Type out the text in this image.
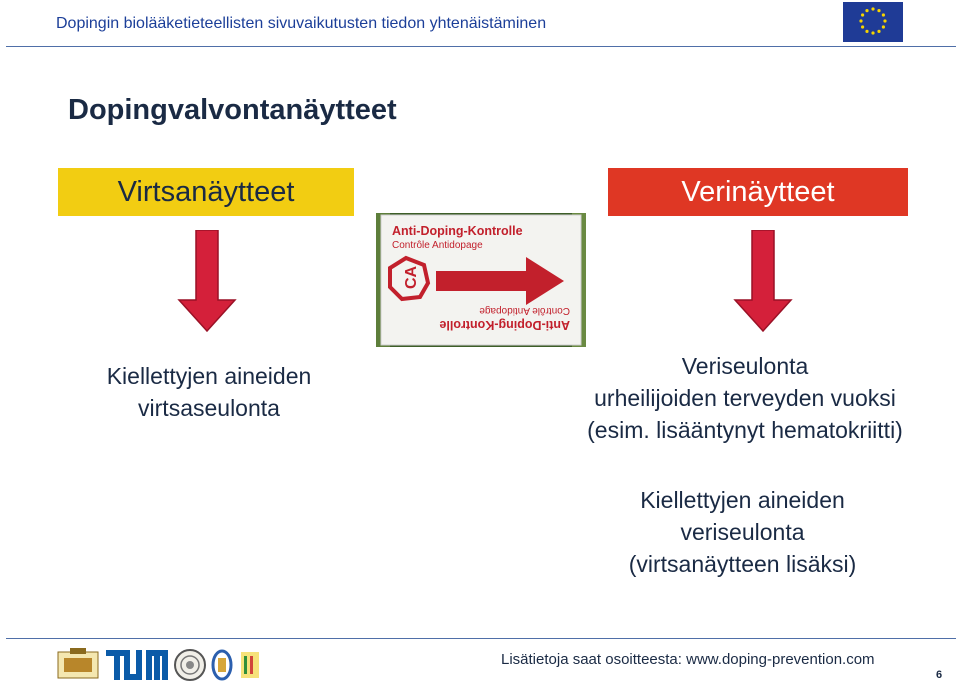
Dopingin biolääketieteellisten sivuvaikutusten tiedon yhtenäistäminen
Dopingvalvontanäytteet
Virtsanäytteet	Verinäytteet
Anti-Doping-Kontrolle
Contrôle Antidopage
CA
Anti-Doping-Kontrolle
Contrôle Antidopage
Kiellettyjen aineiden
virtsaseulonta
Veriseulonta
urheilijoiden terveyden vuoksi
(esim. lisääntynyt hematokriitti)
Kiellettyjen aineiden
veriseulonta
(virtsanäytteen lisäksi)
Lisätietoja saat osoitteesta: www.doping-prevention.com
6
